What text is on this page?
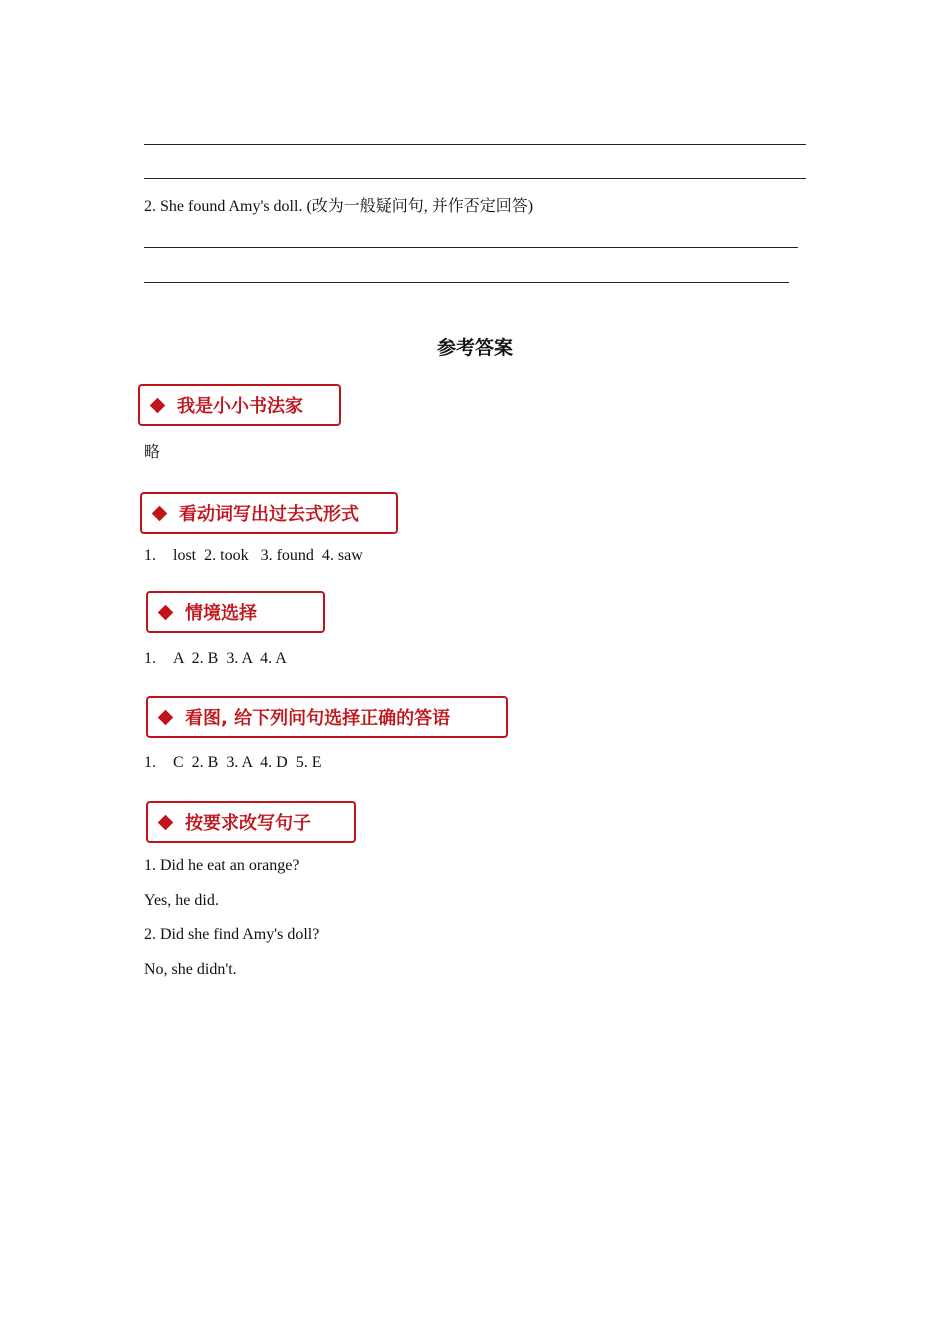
2. She found Amy's doll. (改为一般疑问句, 并作否定回答)
参考答案
我是小小书法家
略
看动词写出过去式形式
1. lost  2. took   3. found  4. saw
情境选择
1. A  2. B  3. A  4. A
看图, 给下列问句选择正确的答语
1. C  2. B  3. A  4. D  5. E
按要求改写句子
1. Did he eat an orange?
Yes, he did.
2. Did she find Amy's doll?
No, she didn't.
